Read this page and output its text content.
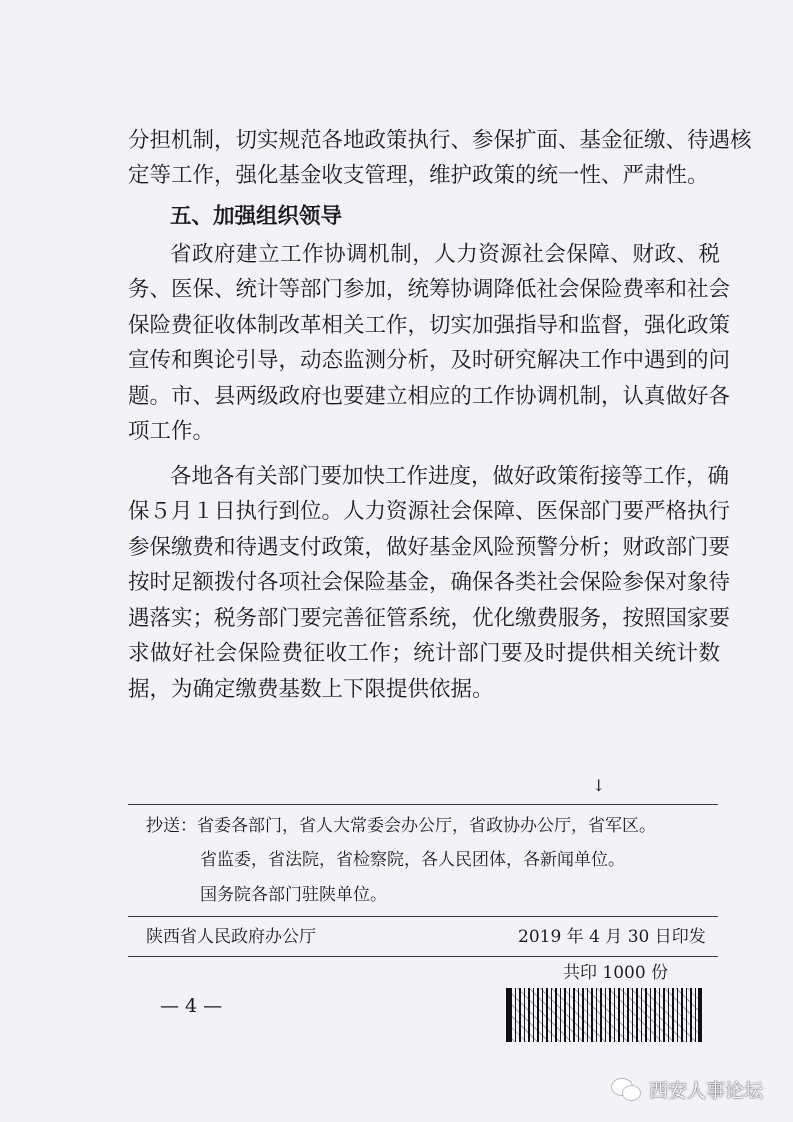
分担机制，切实规范各地政策执行、参保扩面、基金征缴、待遇核
定等工作，强化基金收支管理，维护政策的统一性、严肃性。
五、加强组织领导
省政府建立工作协调机制，人力资源社会保障、财政、税
务、医保、统计等部门参加，统筹协调降低社会保险费率和社会
保险费征收体制改革相关工作，切实加强指导和监督，强化政策
宣传和舆论引导，动态监测分析，及时研究解决工作中遇到的问
题。市、县两级政府也要建立相应的工作协调机制，认真做好各
项工作。
各地各有关部门要加快工作进度，做好政策衔接等工作，确
保５月１日执行到位。人力资源社会保障、医保部门要严格执行
参保缴费和待遇支付政策，做好基金风险预警分析；财政部门要
按时足额拨付各项社会保险基金，确保各类社会保险参保对象待
遇落实；税务部门要完善征管系统，优化缴费服务，按照国家要
求做好社会保险费征收工作；统计部门要及时提供相关统计数
据，为确定缴费基数上下限提供依据。
↓
抄送：省委各部门，省人大常委会办公厅，省政协办公厅，省军区。
省监委，省法院，省检察院，各人民团体，各新闻单位。
国务院各部门驻陕单位。
陕西省人民政府办公厅	2019 年 4 月 30 日印发
共印 1000 份
— 4 —
西安人事论坛
